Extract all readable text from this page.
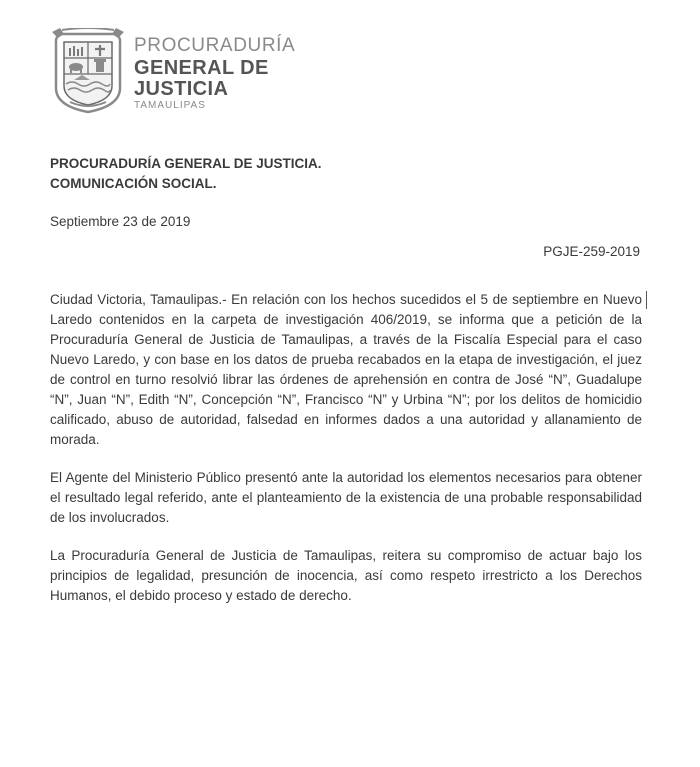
PROCURADURÍA
GENERAL DE
JUSTICIA
TAMAULIPAS
PROCURADURÍA GENERAL DE JUSTICIA.
COMUNICACIÓN SOCIAL.
Septiembre 23 de 2019
PGJE-259-2019
Ciudad Victoria, Tamaulipas.- En relación con los hechos sucedidos el 5 de septiembre en Nuevo Laredo contenidos en la carpeta de investigación 406/2019, se informa que a petición de la Procuraduría General de Justicia de Tamaulipas, a través de la Fiscalía Especial para el caso Nuevo Laredo, y con base en los datos de prueba recabados en la etapa de investigación, el juez de control en turno resolvió librar las órdenes de aprehensión en contra de José “N”, Guadalupe “N”, Juan “N”, Edith “N”, Concepción “N”, Francisco “N” y Urbina “N”; por los delitos de homicidio calificado, abuso de autoridad, falsedad en informes dados a una autoridad y allanamiento de morada.
El Agente del Ministerio Público presentó ante la autoridad los elementos necesarios para obtener el resultado legal referido, ante el planteamiento de la existencia de una probable responsabilidad de los involucrados.
La Procuraduría General de Justicia de Tamaulipas, reitera su compromiso de actuar bajo los principios de legalidad, presunción de inocencia, así como respeto irrestricto a los Derechos Humanos, el debido proceso y estado de derecho.
